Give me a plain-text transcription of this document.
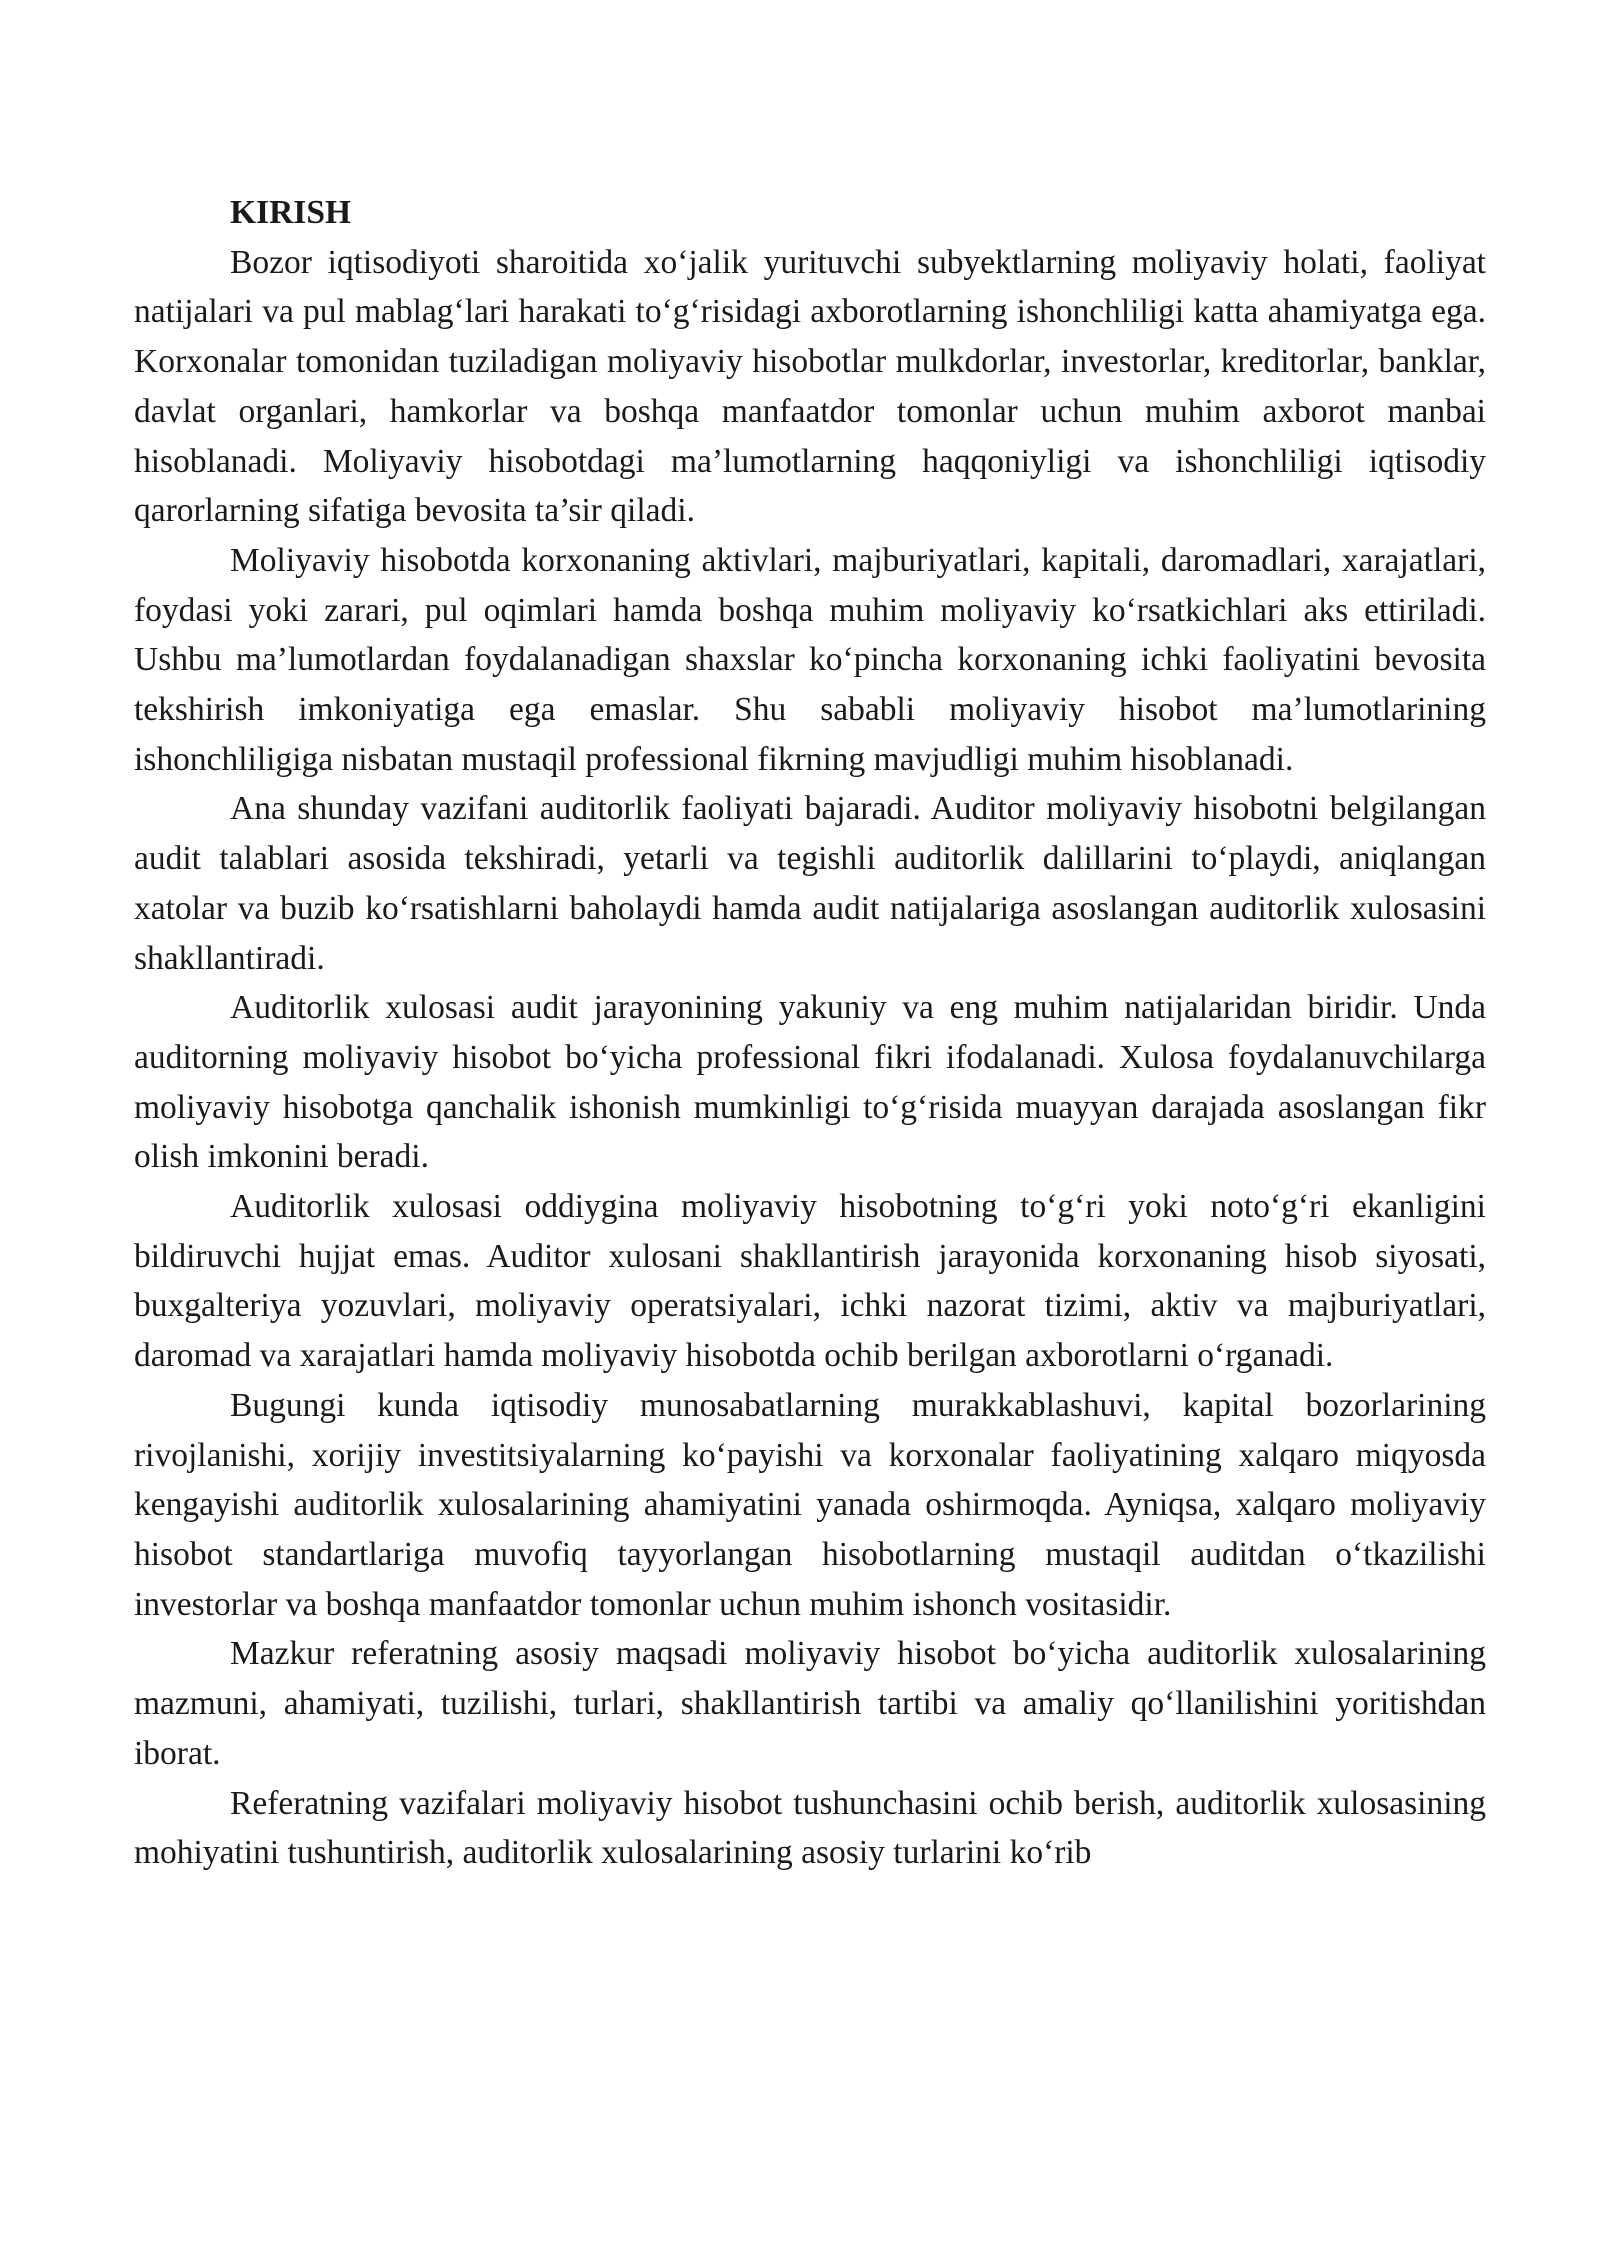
KIRISH

Bozor iqtisodiyoti sharoitida xo‘jalik yurituvchi subyektlarning moliyaviy holati, faoliyat natijalari va pul mablag‘lari harakati to‘g‘risidagi axborotlarning ishonchliligi katta ahamiyatga ega. Korxonalar tomonidan tuziladigan moliyaviy hisobotlar mulkdorlar, investorlar, kreditorlar, banklar, davlat organlari, hamkorlar va boshqa manfaatdor tomonlar uchun muhim axborot manbai hisoblanadi. Moliyaviy hisobotdagi ma’lumotlarning haqqoniyligi va ishonchliligi iqtisodiy qarorlarning sifatiga bevosita ta’sir qiladi.

Moliyaviy hisobotda korxonaning aktivlari, majburiyatlari, kapitali, daromadlari, xarajatlari, foydasi yoki zarari, pul oqimlari hamda boshqa muhim moliyaviy ko‘rsatkichlari aks ettiriladi. Ushbu ma’lumotlardan foydalanadigan shaxslar ko‘pincha korxonaning ichki faoliyatini bevosita tekshirish imkoniyatiga ega emaslar. Shu sababli moliyaviy hisobot ma’lumotlarining ishonchliligiga nisbatan mustaqil professional fikrning mavjudligi muhim hisoblanadi.

Ana shunday vazifani auditorlik faoliyati bajaradi. Auditor moliyaviy hisobotni belgilangan audit talablari asosida tekshiradi, yetarli va tegishli auditorlik dalillarini to‘playdi, aniqlangan xatolar va buzib ko‘rsatishlarni baholaydi hamda audit natijalariga asoslangan auditorlik xulosasini shakllantiradi.

Auditorlik xulosasi audit jarayonining yakuniy va eng muhim natijalaridan biridir. Unda auditorning moliyaviy hisobot bo‘yicha professional fikri ifodalanadi. Xulosa foydalanuvchilarga moliyaviy hisobotga qanchalik ishonish mumkinligi to‘g‘risida muayyan darajada asoslangan fikr olish imkonini beradi.

Auditorlik xulosasi oddiygina moliyaviy hisobotning to‘g‘ri yoki noto‘g‘ri ekanligini bildiruvchi hujjat emas. Auditor xulosani shakllantirish jarayonida korxonaning hisob siyosati, buxgalteriya yozuvlari, moliyaviy operatsiyalari, ichki nazorat tizimi, aktiv va majburiyatlari, daromad va xarajatlari hamda moliyaviy hisobotda ochib berilgan axborotlarni o‘rganadi.

Bugungi kunda iqtisodiy munosabatlarning murakkablashuvi, kapital bozorlarining rivojlanishi, xorijiy investitsiyalarning ko‘payishi va korxonalar faoliyatining xalqaro miqyosda kengayishi auditorlik xulosalarining ahamiyatini yanada oshirmoqda. Ayniqsa, xalqaro moliyaviy hisobot standartlariga muvofiq tayyorlangan hisobotlarning mustaqil auditdan o‘tkazilishi investorlar va boshqa manfaatdor tomonlar uchun muhim ishonch vositasidir.

Mazkur referatning asosiy maqsadi moliyaviy hisobot bo‘yicha auditorlik xulosalarining mazmuni, ahamiyati, tuzilishi, turlari, shakllantirish tartibi va amaliy qo‘llanilishini yoritishdan iborat.

Referatning vazifalari moliyaviy hisobot tushunchasini ochib berish, auditorlik xulosasining mohiyatini tushuntirish, auditorlik xulosalarining asosiy turlarini ko‘rib
